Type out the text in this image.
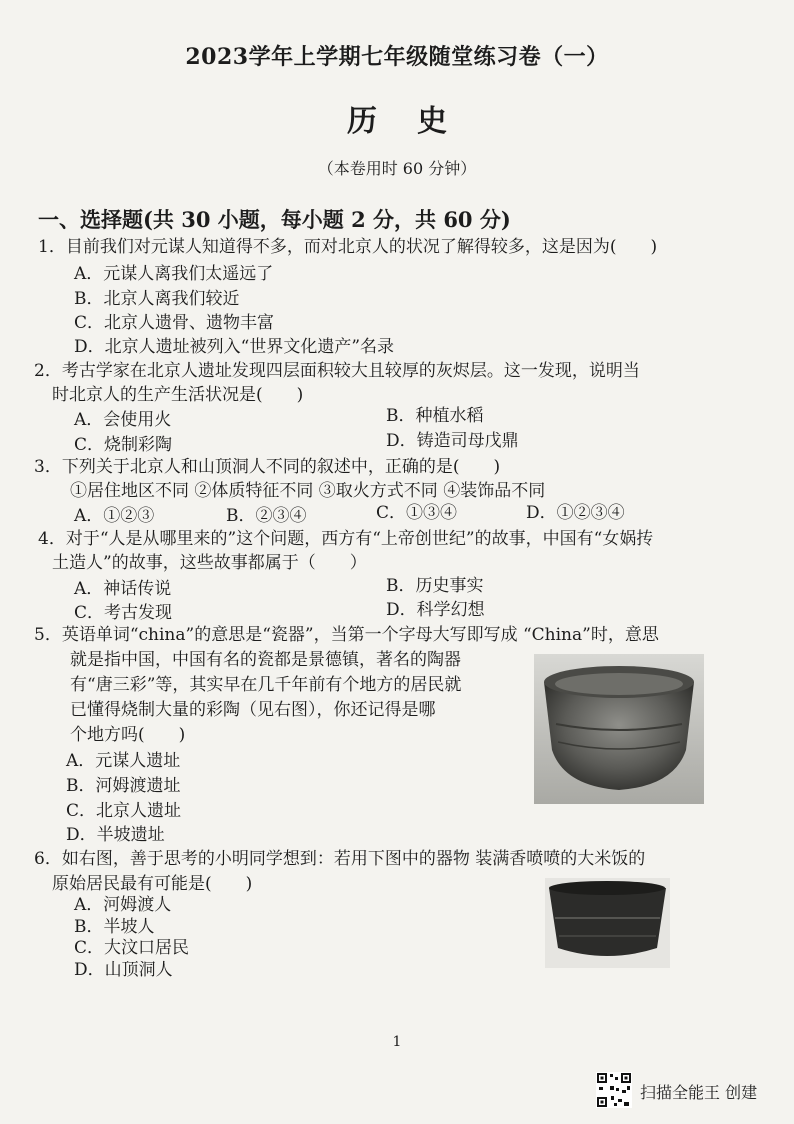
2023学年上学期七年级随堂练习卷（一）
历史
（本卷用时 60 分钟）
一、选择题(共 30 小题，每小题 2 分，共 60 分)
1．目前我们对元谋人知道得不多，而对北京人的状况了解得较多，这是因为(　　)
A．元谋人离我们太遥远了
B．北京人离我们较近
C．北京人遗骨、遗物丰富
D．北京人遗址被列入“世界文化遗产”名录
2．考古学家在北京人遗址发现四层面积较大且较厚的灰烬层。这一发现，说明当
时北京人的生产生活状况是(　　)
A．会使用火	B．种植水稻
C．烧制彩陶	D．铸造司母戊鼎
3．下列关于北京人和山顶洞人不同的叙述中，正确的是(　　)
①居住地区不同 ②体质特征不同 ③取火方式不同 ④装饰品不同
A．①②③	B．②③④	C．①③④	D．①②③④
4．对于“人是从哪里来的”这个问题，西方有“上帝创世纪”的故事，中国有“女娲抟
土造人”的故事，这些故事都属于（　　）
A．神话传说	B．历史事实
C．考古发现	D．科学幻想
5．英语单词“china”的意思是“瓷器”，当第一个字母大写即写成 “China”时，意思
就是指中国，中国有名的瓷都是景德镇，著名的陶器
有“唐三彩”等，其实早在几千年前有个地方的居民就
已懂得烧制大量的彩陶（见右图），你还记得是哪
个地方吗(　　)
A．元谋人遗址
B．河姆渡遗址
C．北京人遗址
D．半坡遗址
6．如右图，善于思考的小明同学想到：若用下图中的器物 装满香喷喷的大米饭的
原始居民最有可能是(　　)
A．河姆渡人
B．半坡人
C．大汶口居民
D．山顶洞人
1
扫描全能王 创建
